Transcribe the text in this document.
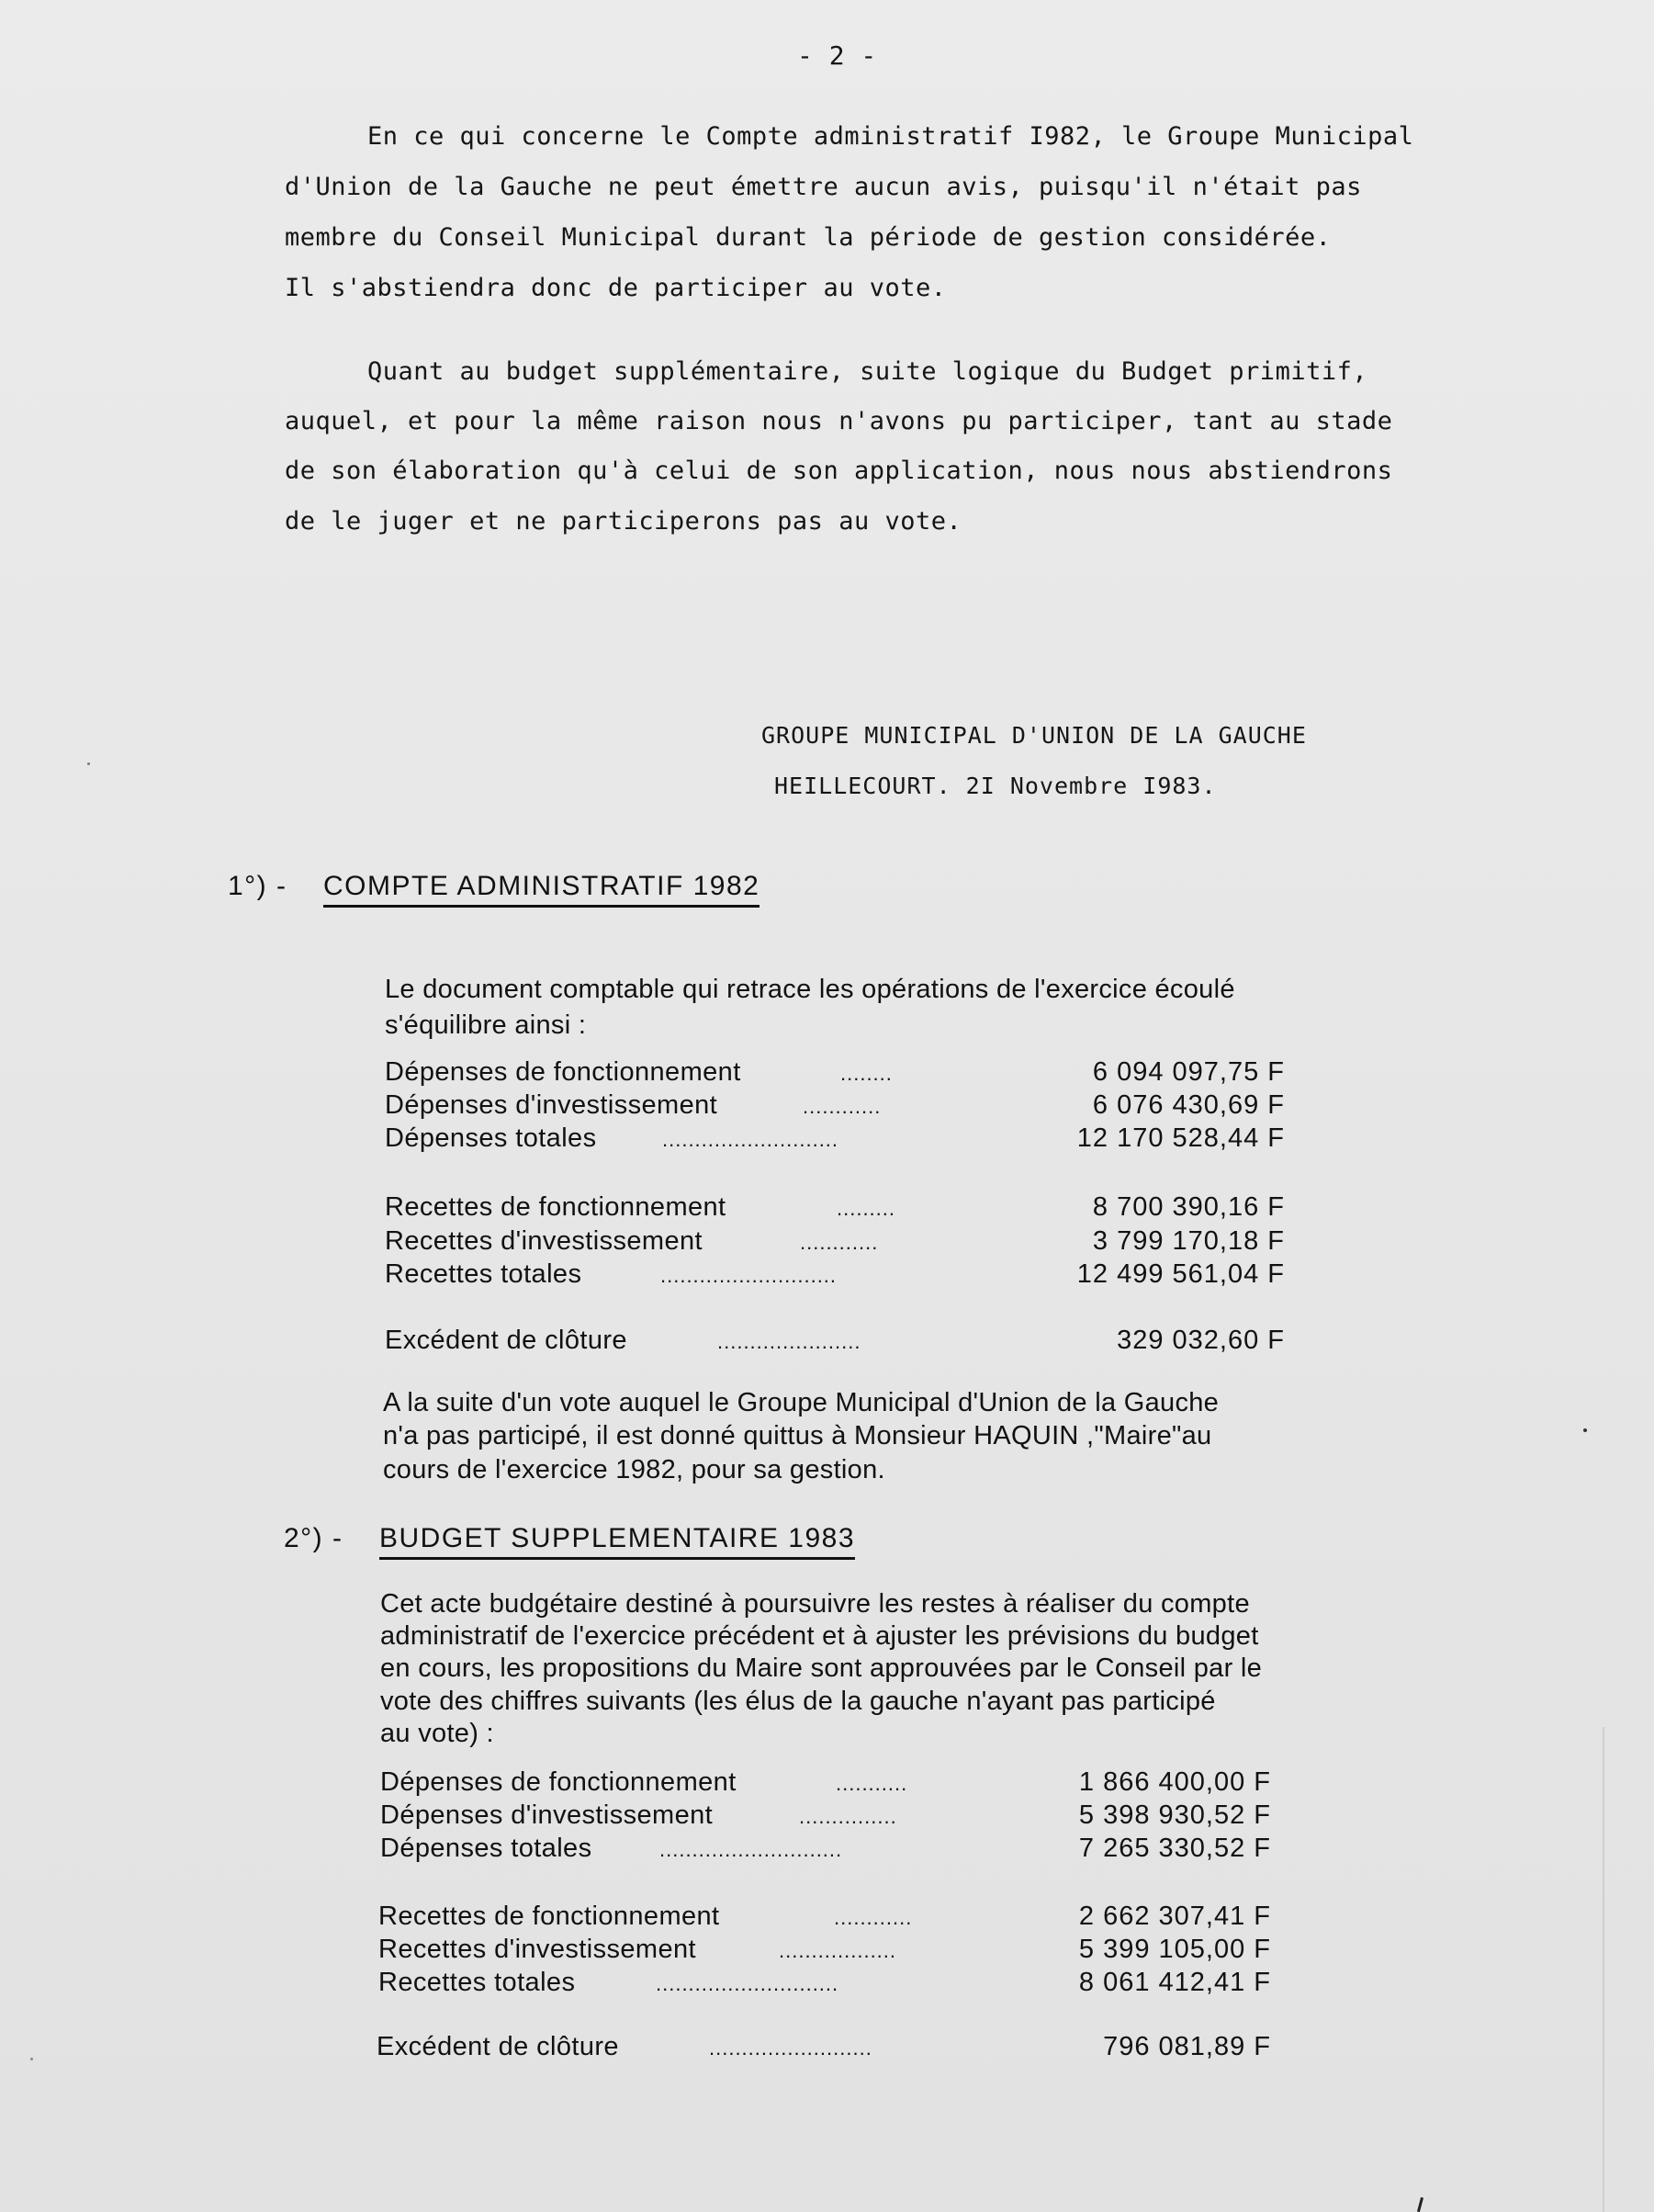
- 2 -
En ce qui concerne le Compte administratif I982, le Groupe Municipal
d'Union de la Gauche ne peut émettre aucun avis, puisqu'il n'était pas
membre du Conseil Municipal durant la période de gestion considérée.
Il s'abstiendra donc de participer au vote.
Quant au budget supplémentaire, suite logique du Budget primitif,
auquel, et pour la même raison nous n'avons pu participer, tant au stade
de son élaboration qu'à celui de son application, nous nous abstiendrons
de le juger et ne participerons pas au vote.
GROUPE MUNICIPAL D'UNION DE LA GAUCHE
HEILLECOURT. 2I Novembre I983.
1°) - COMPTE ADMINISTRATIF 1982
Le document comptable qui retrace les opérations de l'exercice écoulé
s'équilibre ainsi :
Dépenses de fonctionnement	........	6 094 097,75 F
Dépenses d'investissement	............	6 076 430,69 F
Dépenses totales	...........................	12 170 528,44 F
Recettes de fonctionnement	.........	8 700 390,16 F
Recettes d'investissement	............	3 799 170,18 F
Recettes totales	...........................	12 499 561,04 F
Excédent de clôture	......................	329 032,60 F
A la suite d'un vote auquel le Groupe Municipal d'Union de la Gauche
n'a pas participé, il est donné quittus à Monsieur HAQUIN ,"Maire"au
cours de l'exercice 1982, pour sa gestion.
2°) - BUDGET SUPPLEMENTAIRE 1983
Cet acte budgétaire destiné à poursuivre les restes à réaliser du compte
administratif de l'exercice précédent et à ajuster les prévisions du budget
en cours, les propositions du Maire sont approuvées par le Conseil par le
vote des chiffres suivants (les élus de la gauche n'ayant pas participé
au vote) :
Dépenses de fonctionnement	...........	1 866 400,00 F
Dépenses d'investissement	...............	5 398 930,52 F
Dépenses totales	............................	7 265 330,52 F
Recettes de fonctionnement	............	2 662 307,41 F
Recettes d'investissement	..................	5 399 105,00 F
Recettes totales	............................	8 061 412,41 F
Excédent de clôture	.........................	796 081,89 F
